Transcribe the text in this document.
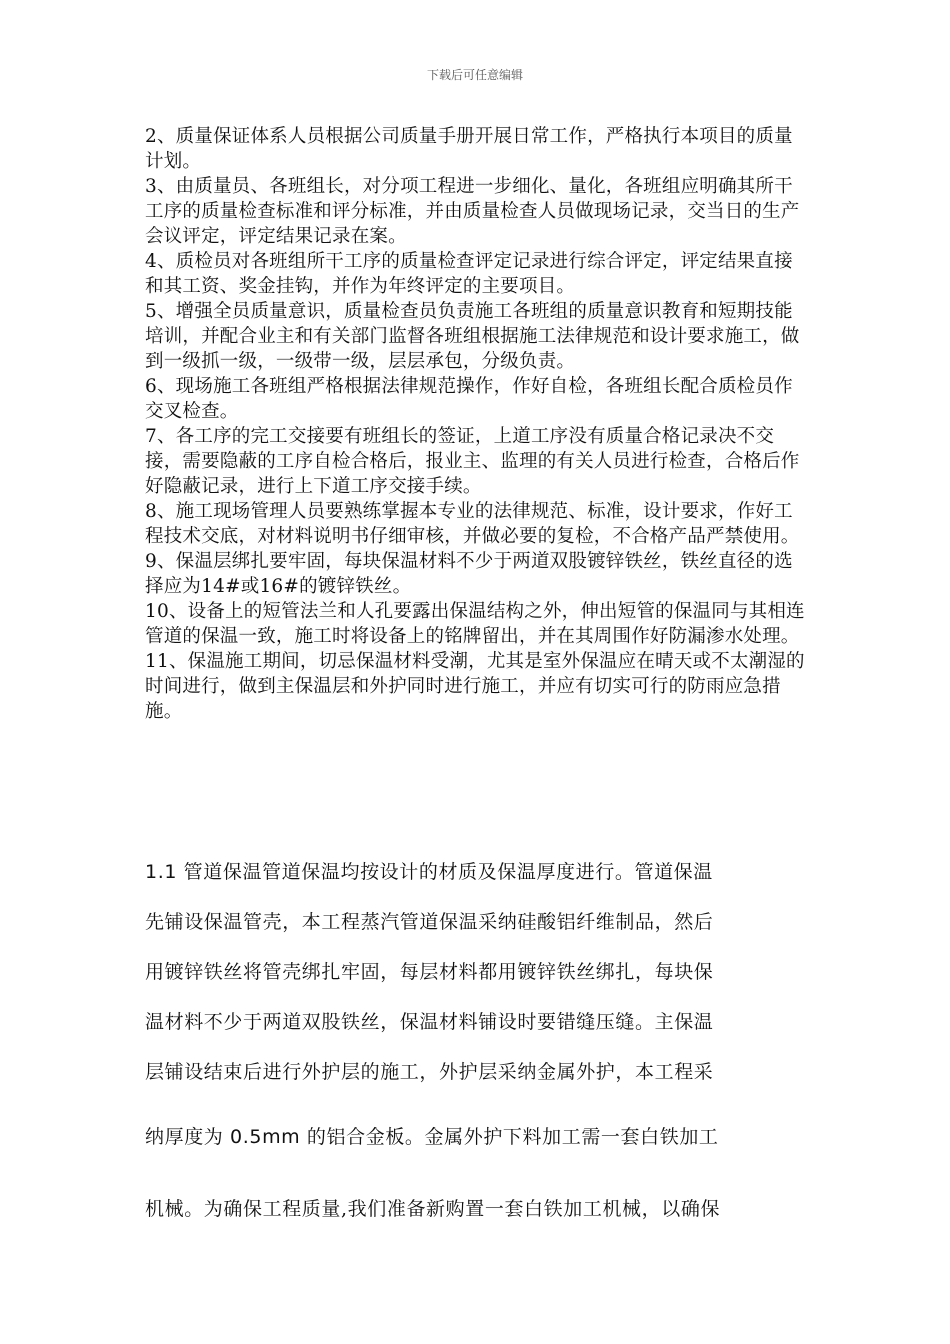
下载后可任意编辑

2、质量保证体系人员根据公司质量手册开展日常工作，严格执行本项目的质量计划。

3、由质量员、各班组长，对分项工程进一步细化、量化，各班组应明确其所干工序的质量检查标准和评分标准，并由质量检查人员做现场记录，交当日的生产会议评定，评定结果记录在案。

4、质检员对各班组所干工序的质量检查评定记录进行综合评定，评定结果直接和其工资、奖金挂钩，并作为年终评定的主要项目。

5、增强全员质量意识，质量检查员负责施工各班组的质量意识教育和短期技能培训，并配合业主和有关部门监督各班组根据施工法律规范和设计要求施工，做到一级抓一级，一级带一级，层层承包，分级负责。

6、现场施工各班组严格根据法律规范操作，作好自检，各班组长配合质检员作交叉检查。

7、各工序的完工交接要有班组长的签证，上道工序没有质量合格记录决不交接，需要隐蔽的工序自检合格后，报业主、监理的有关人员进行检查，合格后作好隐蔽记录，进行上下道工序交接手续。

8、施工现场管理人员要熟练掌握本专业的法律规范、标准，设计要求，作好工程技术交底，对材料说明书仔细审核，并做必要的复检，不合格产品严禁使用。

9、保温层绑扎要牢固，每块保温材料不少于两道双股镀锌铁丝，铁丝直径的选择应为14#或16#的镀锌铁丝。

10、设备上的短管法兰和人孔要露出保温结构之外，伸出短管的保温同与其相连管道的保温一致，施工时将设备上的铭牌留出，并在其周围作好防漏渗水处理。

11、保温施工期间，切忌保温材料受潮，尤其是室外保温应在晴天或不太潮湿的时间进行，做到主保温层和外护同时进行施工，并应有切实可行的防雨应急措施。

1.1 管道保温管道保温均按设计的材质及保温厚度进行。管道保温
先铺设保温管壳，本工程蒸汽管道保温采纳硅酸铝纤维制品，然后
用镀锌铁丝将管壳绑扎牢固，每层材料都用镀锌铁丝绑扎，每块保
温材料不少于两道双股铁丝，保温材料铺设时要错缝压缝。主保温
层铺设结束后进行外护层的施工，外护层采纳金属外护，本工程采
纳厚度为 0.5mm 的铝合金板。金属外护下料加工需一套白铁加工
机械。为确保工程质量,我们准备新购置一套白铁加工机械，以确保
